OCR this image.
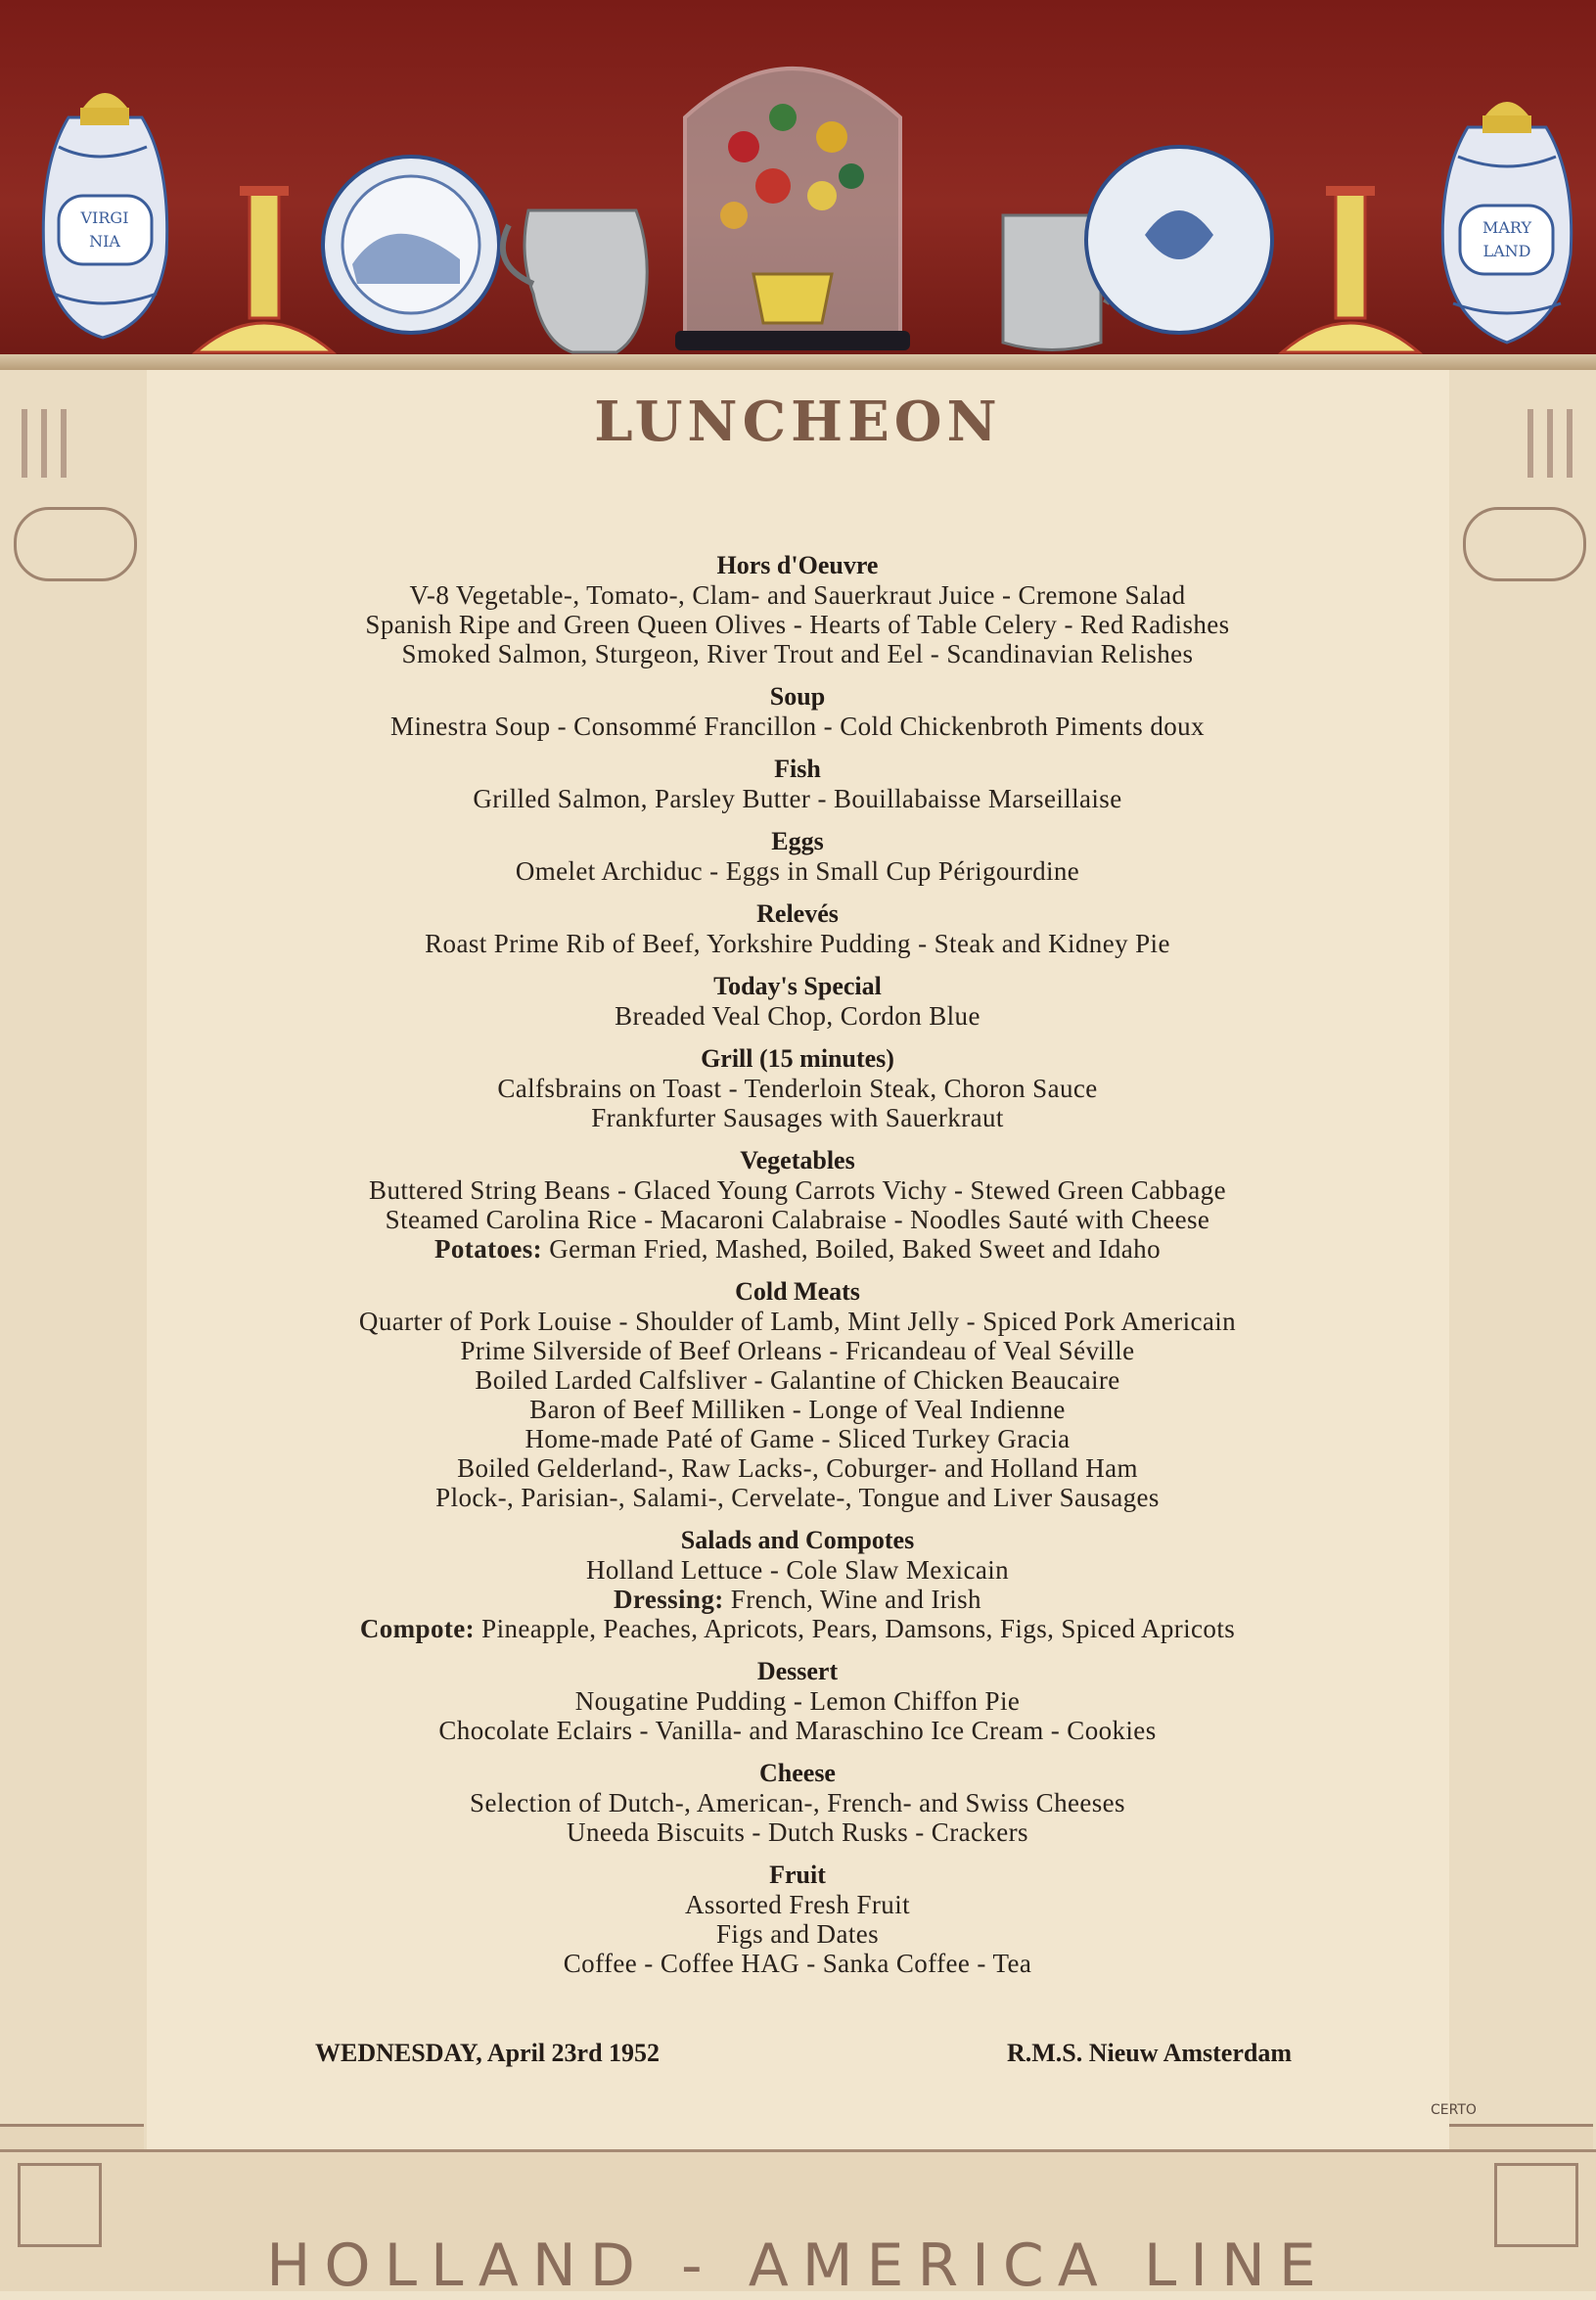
VIRGI
NIA
MARY
LAND
LUNCHEON
Hors d'Oeuvre
V-8 Vegetable-, Tomato-, Clam- and Sauerkraut Juice - Cremone Salad
Spanish Ripe and Green Queen Olives - Hearts of Table Celery - Red Radishes
Smoked Salmon, Sturgeon, River Trout and Eel - Scandinavian Relishes
Soup
Minestra Soup - Consommé Francillon - Cold Chickenbroth Piments doux
Fish
Grilled Salmon, Parsley Butter - Bouillabaisse Marseillaise
Eggs
Omelet Archiduc - Eggs in Small Cup Périgourdine
Relevés
Roast Prime Rib of Beef, Yorkshire Pudding - Steak and Kidney Pie
Today's Special
Breaded Veal Chop, Cordon Blue
Grill (15 minutes)
Calfsbrains on Toast - Tenderloin Steak, Choron Sauce
Frankfurter Sausages with Sauerkraut
Vegetables
Buttered String Beans - Glaced Young Carrots Vichy - Stewed Green Cabbage
Steamed Carolina Rice - Macaroni Calabraise - Noodles Sauté with Cheese
Potatoes: German Fried, Mashed, Boiled, Baked Sweet and Idaho
Cold Meats
Quarter of Pork Louise - Shoulder of Lamb, Mint Jelly - Spiced Pork Americain
Prime Silverside of Beef Orleans - Fricandeau of Veal Séville
Boiled Larded Calfsliver - Galantine of Chicken Beaucaire
Baron of Beef Milliken - Longe of Veal Indienne
Home-made Paté of Game - Sliced Turkey Gracia
Boiled Gelderland-, Raw Lacks-, Coburger- and Holland Ham
Plock-, Parisian-, Salami-, Cervelate-, Tongue and Liver Sausages
Salads and Compotes
Holland Lettuce - Cole Slaw Mexicain
Dressing: French, Wine and Irish
Compote: Pineapple, Peaches, Apricots, Pears, Damsons, Figs, Spiced Apricots
Dessert
Nougatine Pudding - Lemon Chiffon Pie
Chocolate Eclairs - Vanilla- and Maraschino Ice Cream - Cookies
Cheese
Selection of Dutch-, American-, French- and Swiss Cheeses
Uneeda Biscuits - Dutch Rusks - Crackers
Fruit
Assorted Fresh Fruit
Figs and Dates
Coffee - Coffee HAG - Sanka Coffee - Tea
WEDNESDAY, April 23rd 1952	R.M.S. Nieuw Amsterdam
CERTO
HOLLAND - AMERICA LINE
